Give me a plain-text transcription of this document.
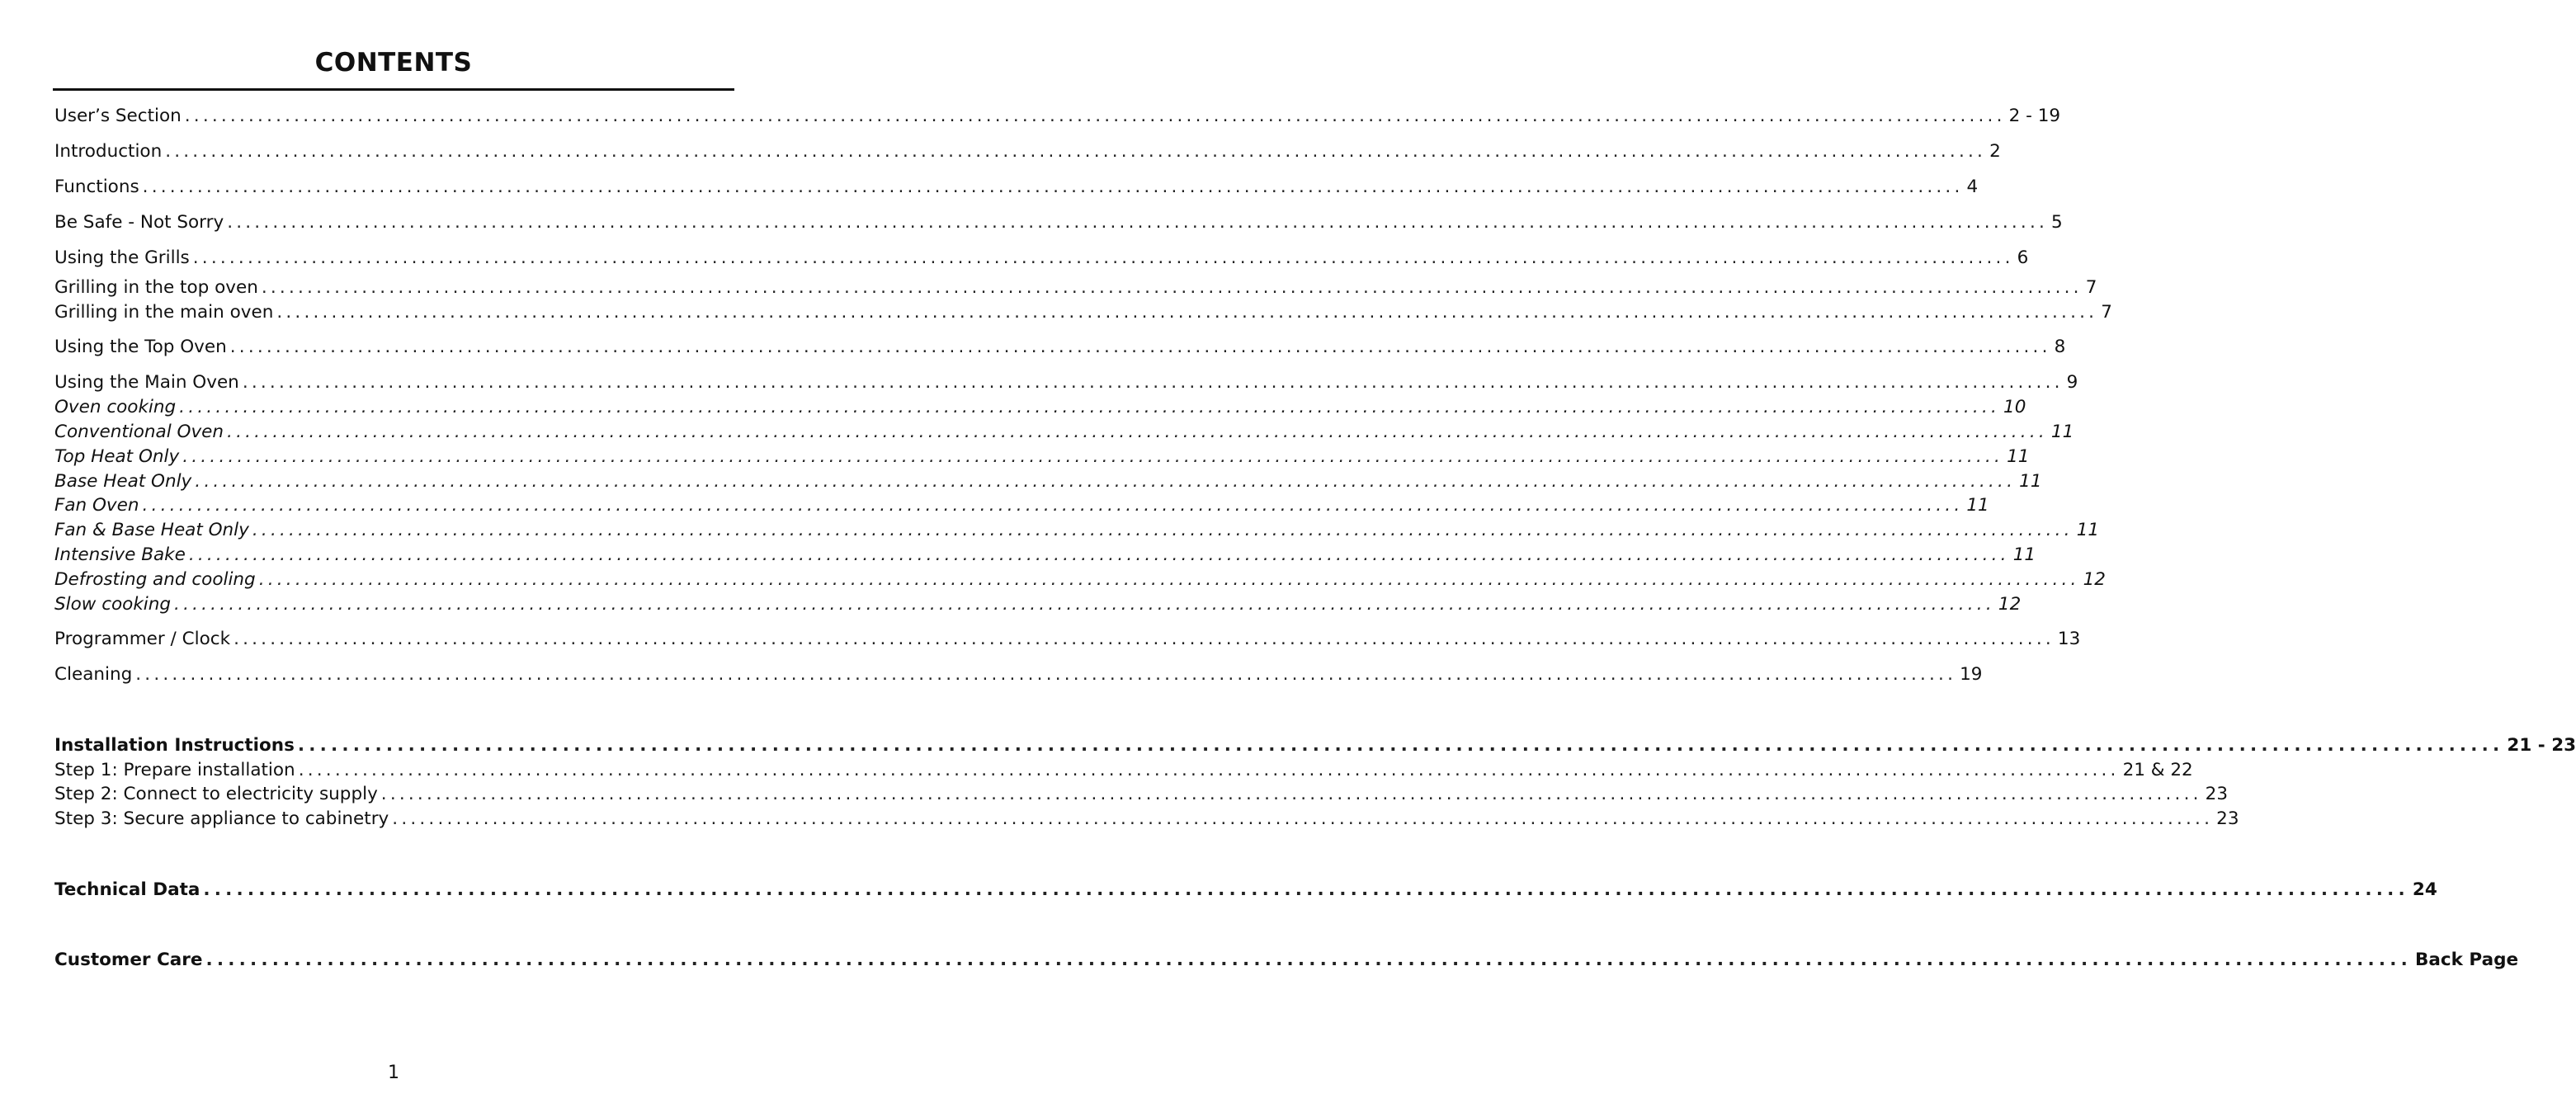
CONTENTS
User’s Section ........................................................................................................................................................................................................ 2 - 19
Introduction ........................................................................................................................................................................................................ 2
Functions ........................................................................................................................................................................................................ 4
Be Safe - Not Sorry ........................................................................................................................................................................................................ 5
Using the Grills ........................................................................................................................................................................................................ 6
Grilling in the top oven ........................................................................................................................................................................................................ 7
Grilling in the main oven ........................................................................................................................................................................................................ 7
Using the Top Oven ........................................................................................................................................................................................................ 8
Using the Main Oven ........................................................................................................................................................................................................ 9
Oven cooking ........................................................................................................................................................................................................ 10
Conventional Oven ........................................................................................................................................................................................................ 11
Top Heat Only ........................................................................................................................................................................................................ 11
Base Heat Only ........................................................................................................................................................................................................ 11
Fan Oven ........................................................................................................................................................................................................ 11
Fan & Base Heat Only ........................................................................................................................................................................................................ 11
Intensive Bake ........................................................................................................................................................................................................ 11
Defrosting and cooling ........................................................................................................................................................................................................ 12
Slow cooking ........................................................................................................................................................................................................ 12
Programmer / Clock ........................................................................................................................................................................................................ 13
Cleaning ........................................................................................................................................................................................................ 19
Installation Instructions ........................................................................................................................................................................................................ 21 - 23
Step 1: Prepare installation ........................................................................................................................................................................................................ 21 & 22
Step 2: Connect to electricity supply ........................................................................................................................................................................................................ 23
Step 3: Secure appliance to cabinetry ........................................................................................................................................................................................................ 23
Technical Data ........................................................................................................................................................................................................ 24
Customer Care ........................................................................................................................................................................................................ Back Page
1
